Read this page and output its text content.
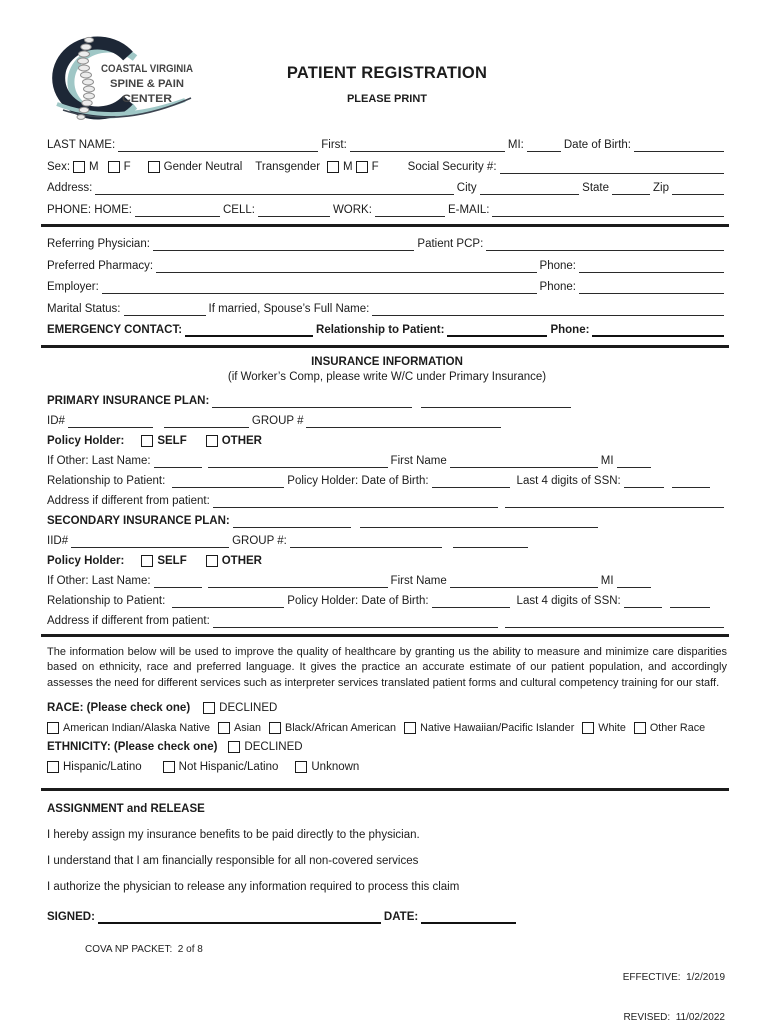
COASTAL VIRGINIA
SPINE & PAIN
CENTER
PATIENT REGISTRATION
PLEASE PRINT
LAST NAME:	First:	MI:	Date of Birth:
Sex: M F	Gender Neutral Transgender M F	Social Security #:
Address:	City	State	Zip
PHONE: HOME:	CELL:	WORK:	E-MAIL:
Referring Physician:	Patient PCP:
Preferred Pharmacy:	Phone:
Employer:	Phone:
Marital Status:	If married, Spouse’s Full Name:
EMERGENCY CONTACT:	Relationship to Patient:	Phone:
INSURANCE INFORMATION
(if Worker’s Comp, please write W/C under Primary Insurance)
PRIMARY INSURANCE PLAN:
ID#	GROUP #
Policy Holder:	SELF	OTHER
If Other: Last Name:	First Name	MI
Relationship to Patient:	Policy Holder: Date of Birth:	Last 4 digits of SSN:
Address if different from patient:
SECONDARY INSURANCE PLAN:
IID#	GROUP #:
Policy Holder:	SELF	OTHER
If Other: Last Name:	First Name	MI
Relationship to Patient:	Policy Holder: Date of Birth:	Last 4 digits of SSN:
Address if different from patient:

The information below will be used to improve the quality of healthcare by granting us the ability to measure and minimize care disparities based on ethnicity, race and preferred language. It gives the practice an accurate estimate of our patient population, and accordingly assesses the need for different services such as interpreter services translated patient forms and cultural competency training for our staff.

RACE: (Please check one)	DECLINED
American Indian/Alaska Native Asian Black/African American Native Hawaiian/Pacific Islander White Other Race
ETHNICITY: (Please check one) DECLINED
Hispanic/Latino	Not Hispanic/Latino	Unknown
ASSIGNMENT and RELEASE

I hereby assign my insurance benefits to be paid directly to the physician.

I understand that I am financially responsible for all non-covered services

I authorize the physician to release any information required to process this claim

SIGNED:	DATE:
COVA NP PACKET:  2 of 8

EFFECTIVE:  1/2/2019

REVISED:  11/02/2022
